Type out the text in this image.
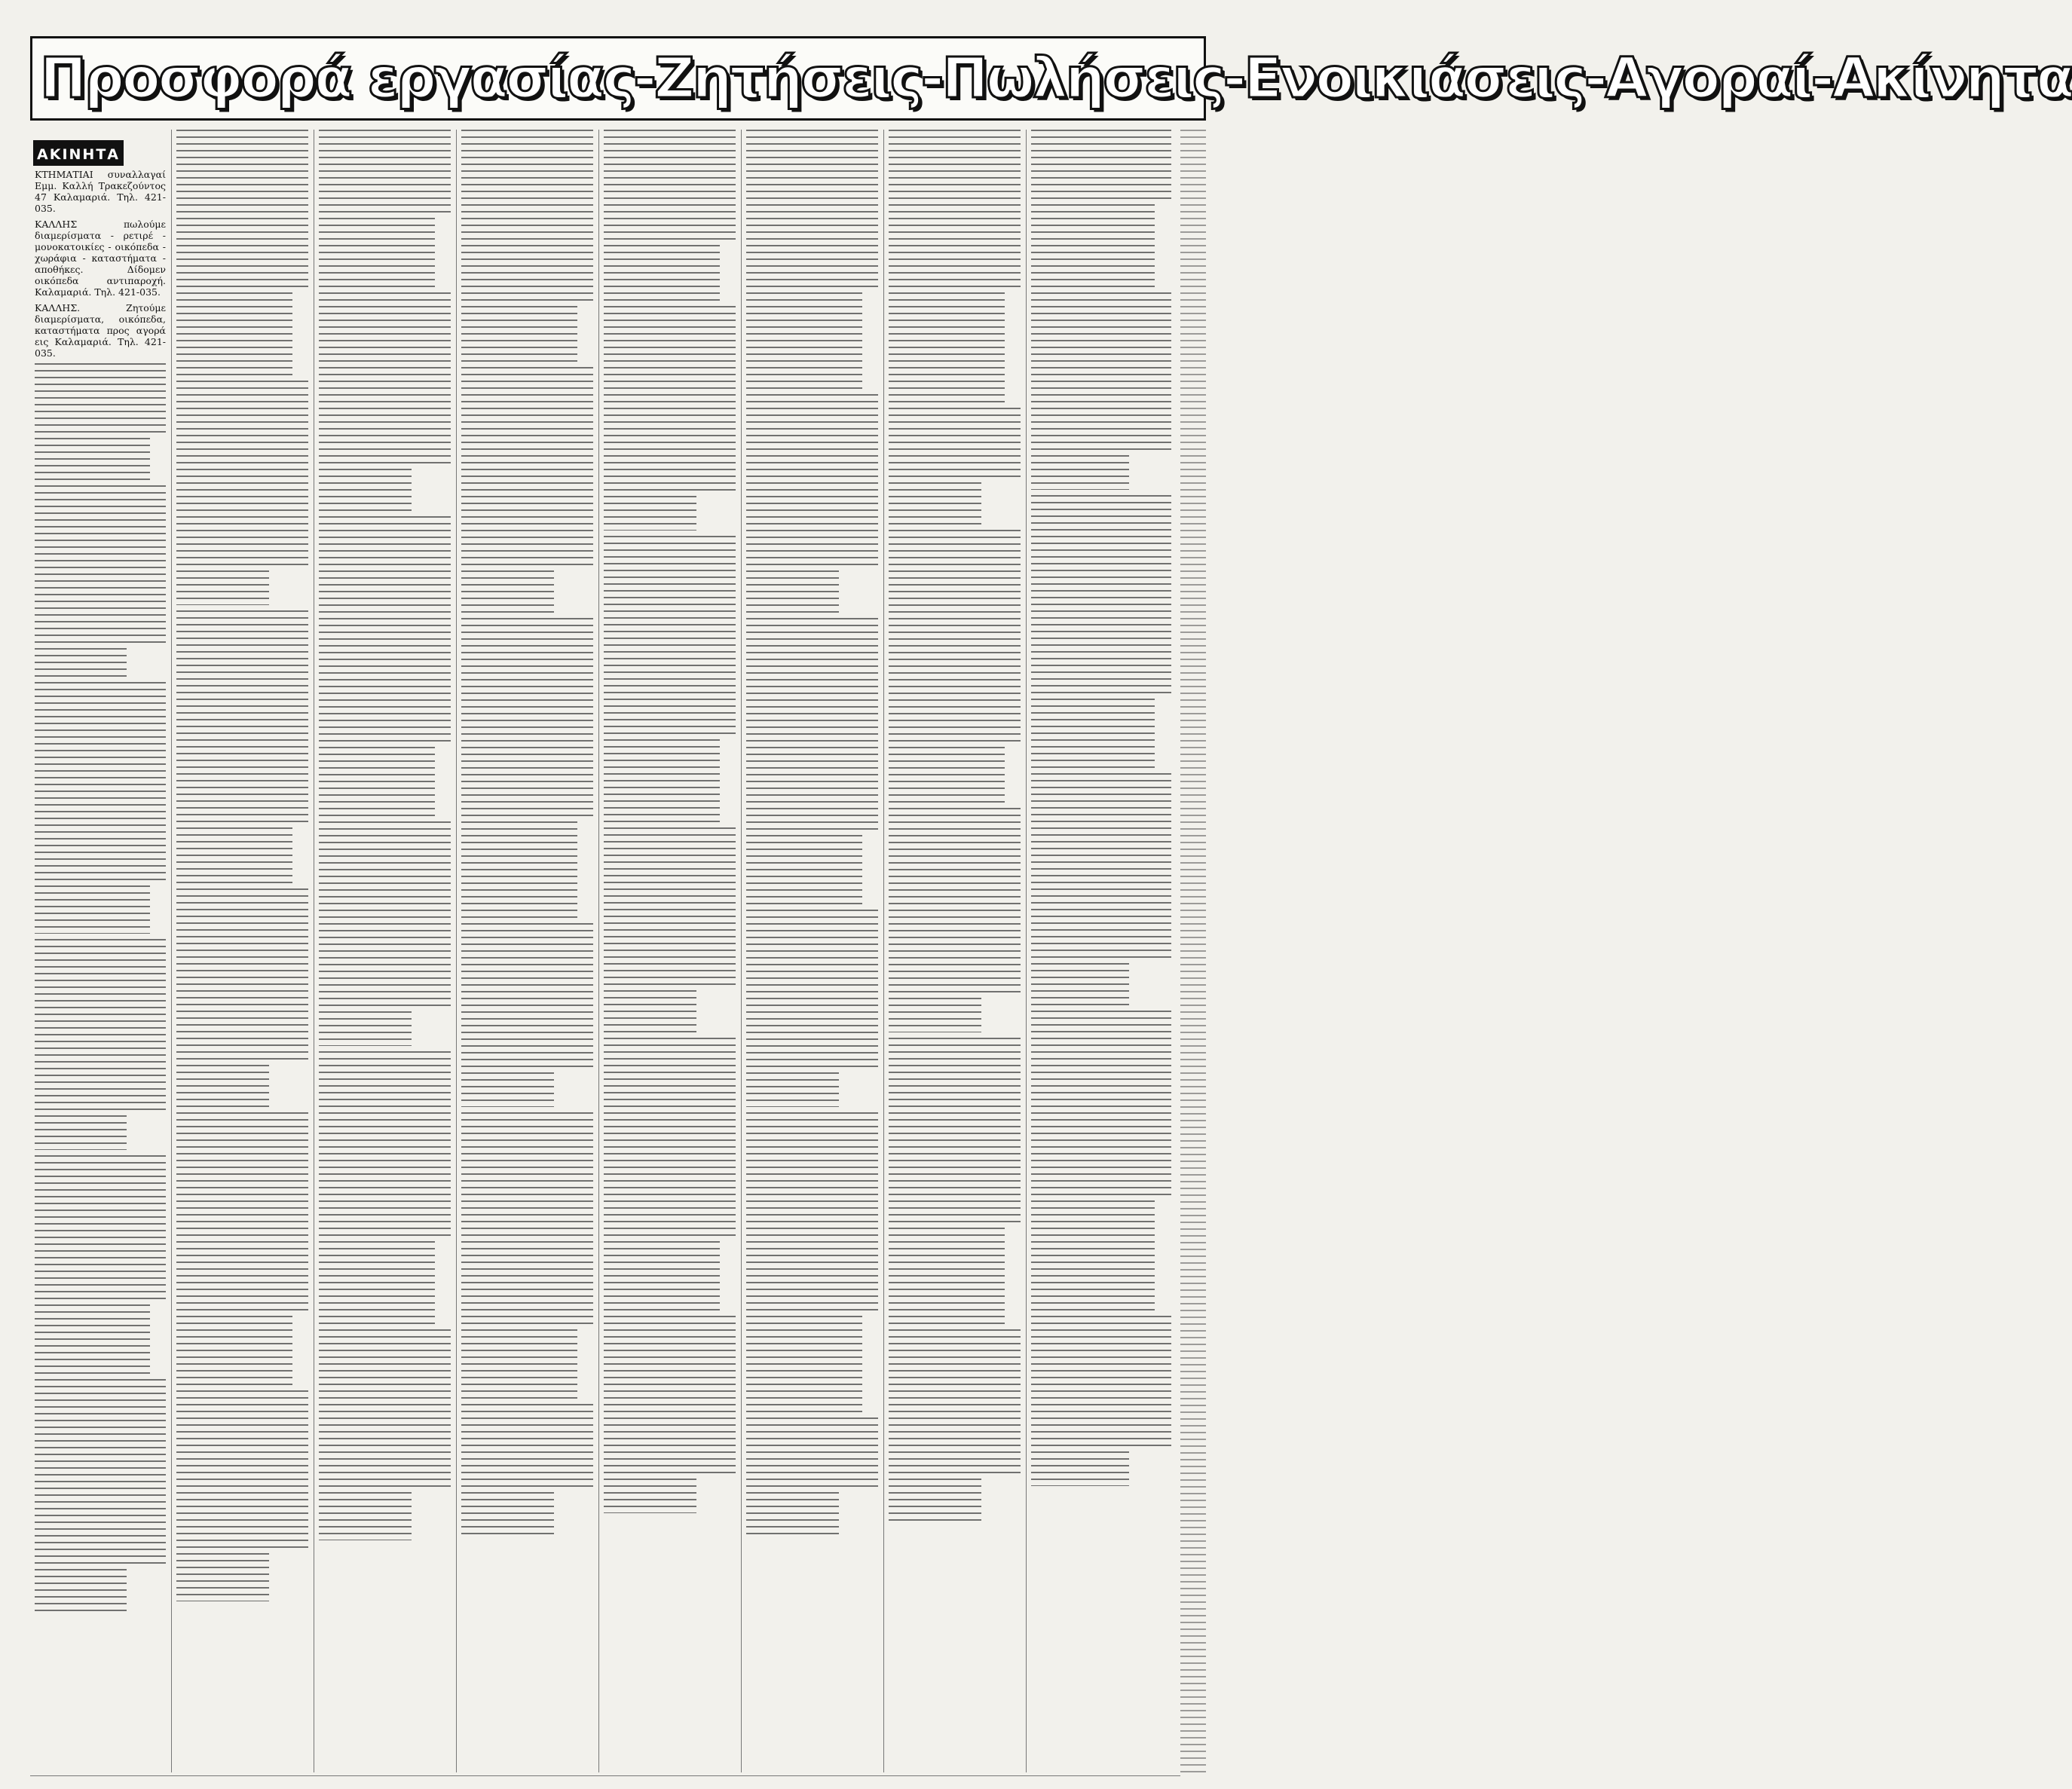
Προσφορά εργασίας-Ζητήσεις-Πωλήσεις-Ενοικιάσεις-Αγοραί-Ακίνητα
ΚΤΗΜΑΤΙΑΙ συναλλαγαί Εμμ. Καλλή Τρακεζούντος 47 Καλαμαριά. Τηλ. 421-035.
ΚΑΛΛΗΣ πωλούμε διαμερίσματα - ρετιρέ - μονοκατοικίες - οικόπεδα - χωράφια - καταστήματα - αποθήκες. Δίδομεν οικόπεδα αντιπαροχή. Καλαμαριά. Τηλ. 421-035.
ΚΑΛΛΗΣ. Ζητούμε διαμερίσματα, οικόπεδα, καταστήματα προς αγορά εις Καλαμαριά. Τηλ. 421-035.
ΑΚΙΝΗΤΑ
